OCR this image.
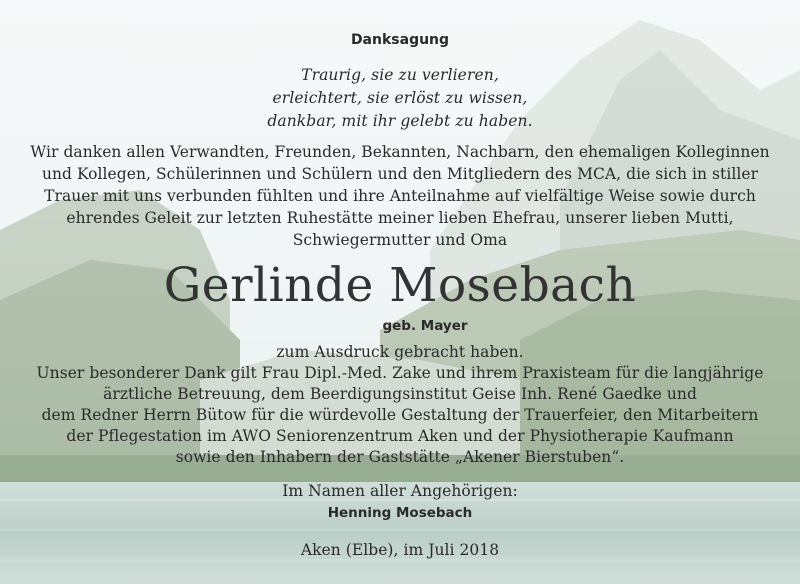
Danksagung
Traurig, sie zu verlieren,
erleichtert, sie erlöst zu wissen,
dankbar, mit ihr gelebt zu haben.
Wir danken allen Verwandten, Freunden, Bekannten, Nachbarn, den ehemaligen Kolleginnen
und Kollegen, Schülerinnen und Schülern und den Mitgliedern des MCA, die sich in stiller
Trauer mit uns verbunden fühlten und ihre Anteilnahme auf vielfältige Weise sowie durch
ehrendes Geleit zur letzten Ruhestätte meiner lieben Ehefrau, unserer lieben Mutti,
Schwiegermutter und Oma
Gerlinde Mosebach
geb. Mayer
zum Ausdruck gebracht haben.
Unser besonderer Dank gilt Frau Dipl.-Med. Zake und ihrem Praxisteam für die langjährige
ärztliche Betreuung, dem Beerdigungsinstitut Geise Inh. René Gaedke und
dem Redner Herrn Bütow für die würdevolle Gestaltung der Trauerfeier, den Mitarbeitern
der Pflegestation im AWO Seniorenzentrum Aken und der Physiotherapie Kaufmann
sowie den Inhabern der Gaststätte „Akener Bierstuben“.
Im Namen aller Angehörigen:
Henning Mosebach
Aken (Elbe), im Juli 2018
